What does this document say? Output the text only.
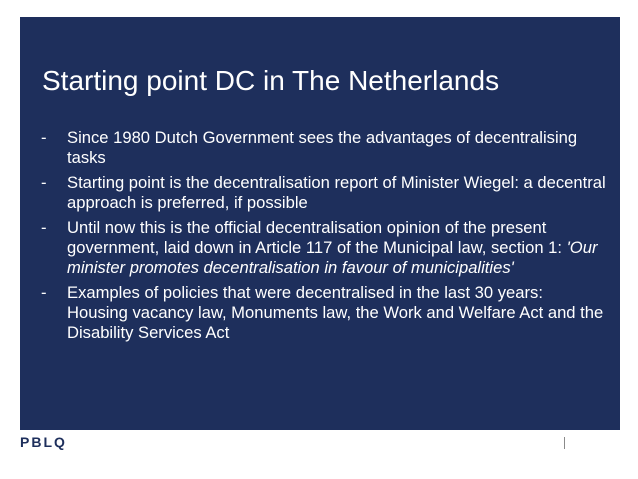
Starting point DC in The Netherlands
- Since 1980 Dutch Government sees the advantages of decentralising tasks
- Starting point is the decentralisation report of Minister Wiegel: a decentral approach is preferred, if possible
- Until now this is the official decentralisation opinion of the present government, laid down in Article 117 of the Municipal law, section 1: 'Our minister promotes decentralisation in favour of municipalities'
- Examples of policies that were decentralised in the last 30 years: Housing vacancy law, Monuments law, the Work and Welfare Act and the Disability Services Act
PBLQ
